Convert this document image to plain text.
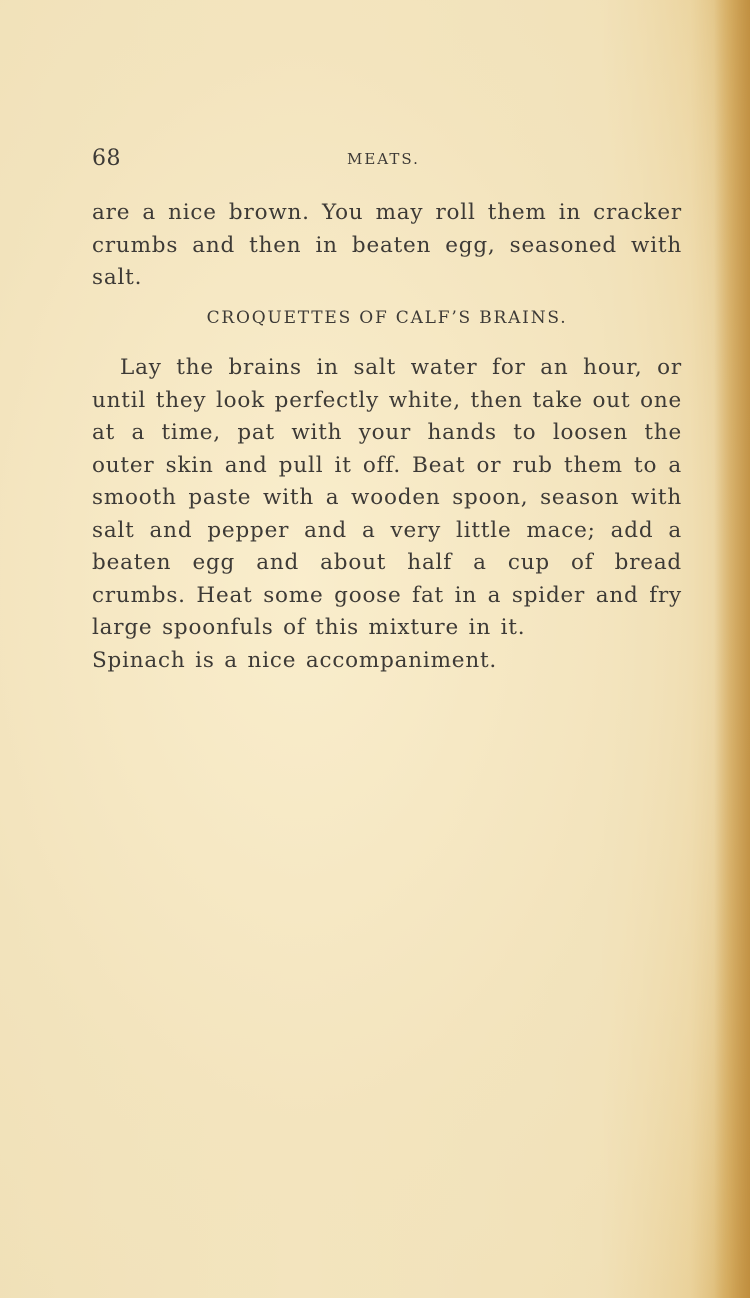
68	MEATS.

are a nice brown. You may roll them in cracker crumbs and then in beaten egg, seasoned with salt.

CROQUETTES OF CALF’S BRAINS.

Lay the brains in salt water for an hour, or until they look perfectly white, then take out one at a time, pat with your hands to loosen the outer skin and pull it off. Beat or rub them to a smooth paste with a wooden spoon, season with salt and pepper and a very little mace; add a beaten egg and about half a cup of bread crumbs. Heat some goose fat in a spider and fry large spoonfuls of this mixture in it.

Spinach is a nice accompaniment.
